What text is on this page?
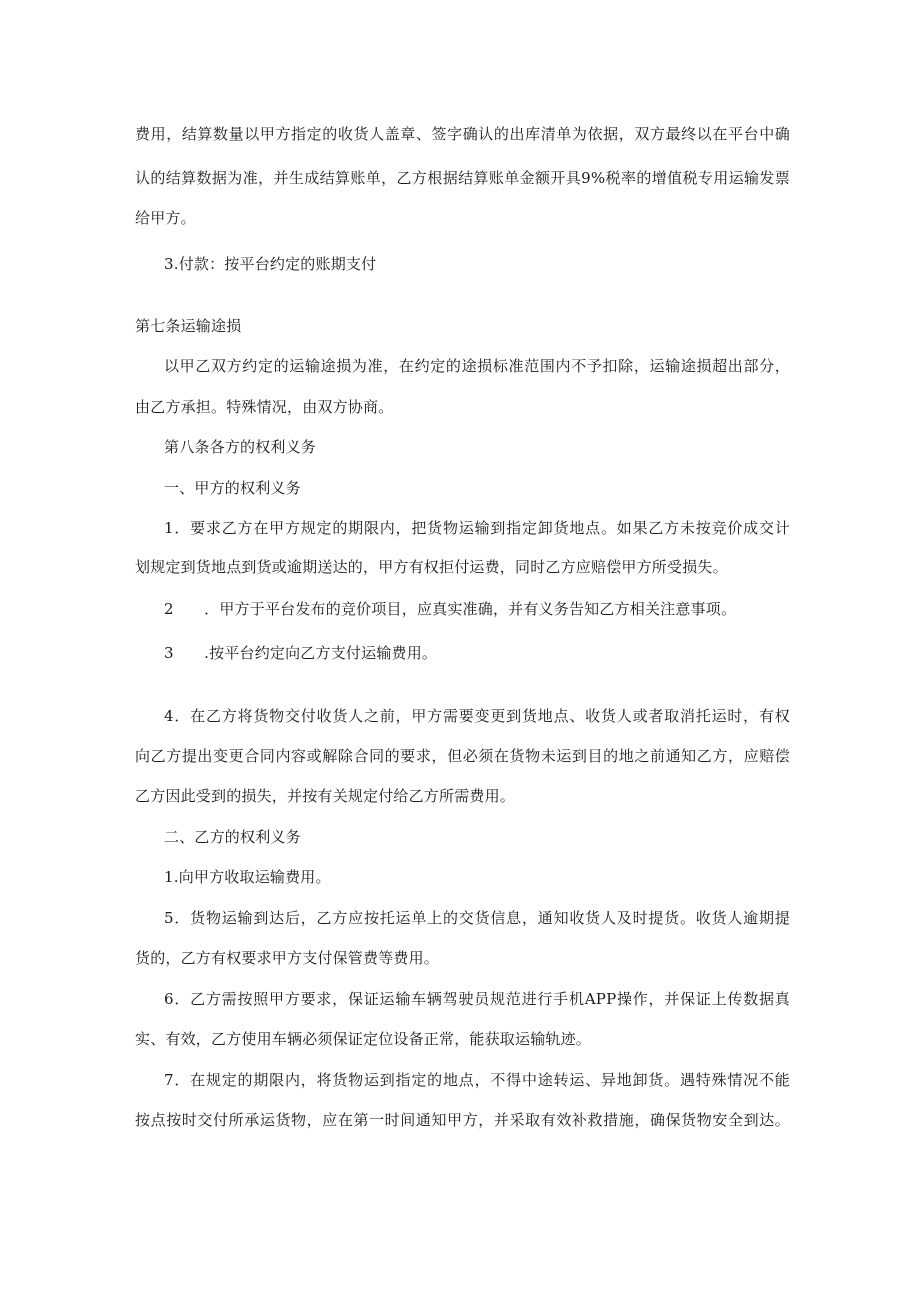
费用，结算数量以甲方指定的收货人盖章、签字确认的出库清单为依据，双方最终以在平台中确
认的结算数据为准，并生成结算账单，乙方根据结算账单金额开具9%税率的增值税专用运输发票
给甲方。
3.付款：按平台约定的账期支付
第七条运输途损
以甲乙双方约定的运输途损为准，在约定的途损标准范围内不予扣除，运输途损超出部分，
由乙方承担。特殊情况，由双方协商。
第八条各方的权利义务
一、甲方的权利义务
1．要求乙方在甲方规定的期限内，把货物运输到指定卸货地点。如果乙方未按竞价成交计
划规定到货地点到货或逾期送达的，甲方有权拒付运费，同时乙方应赔偿甲方所受损失。
2　　．甲方于平台发布的竞价项目，应真实准确，并有义务告知乙方相关注意事项。
3　　.按平台约定向乙方支付运输费用。
4．在乙方将货物交付收货人之前，甲方需要变更到货地点、收货人或者取消托运时，有权
向乙方提出变更合同内容或解除合同的要求，但必须在货物未运到目的地之前通知乙方，应赔偿
乙方因此受到的损失，并按有关规定付给乙方所需费用。
二、乙方的权利义务
1.向甲方收取运输费用。
5．货物运输到达后，乙方应按托运单上的交货信息，通知收货人及时提货。收货人逾期提
货的，乙方有权要求甲方支付保管费等费用。
6．乙方需按照甲方要求，保证运输车辆驾驶员规范进行手机APP操作，并保证上传数据真
实、有效，乙方使用车辆必须保证定位设备正常，能获取运输轨迹。
7．在规定的期限内，将货物运到指定的地点，不得中途转运、异地卸货。遇特殊情况不能
按点按时交付所承运货物，应在第一时间通知甲方，并采取有效补救措施，确保货物安全到达。
